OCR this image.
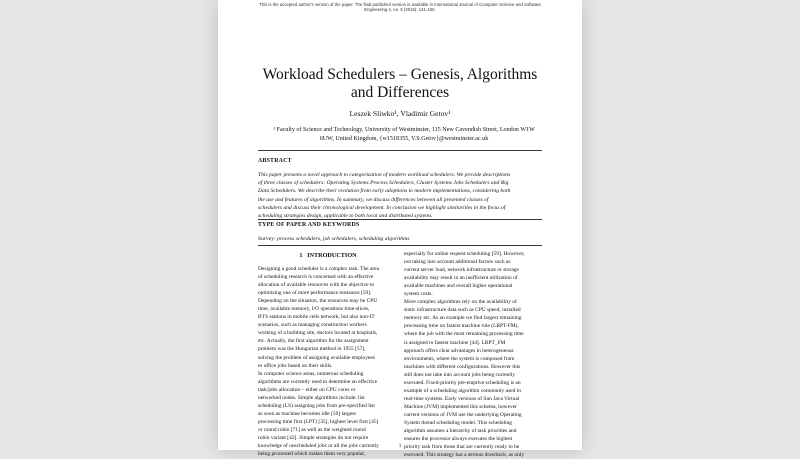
This is the accepted author's version of the paper. The final published version is available in International Journal of Computer Science and Software
Engineering 4, no. 6 (2015): 141-155.
Workload Schedulers – Genesis, Algorithms
and Differences
Leszek Sliwko¹, Vladimir Getov¹
¹ Faculty of Science and Technology, University of Westminster, 115 New Cavendish Street, London W1W
6UW, United Kingdom, {w1518355, V.S.Getov}@westminster.ac.uk
ABSTRACT
This paper presents a novel approach to categorization of modern workload schedulers. We provide descriptions
of three classes of schedulers: Operating Systems Process Schedulers, Cluster Systems Jobs Schedulers and Big
Data Schedulers. We describe their evolution from early adoptions to modern implementations, considering both
the use and features of algorithms. In summary, we discuss differences between all presented classes of
schedulers and discuss their chronological development. In conclusion we highlight similarities in the focus of
scheduling strategies design, applicable to both local and distributed systems.
TYPE OF PAPER AND KEYWORDS
Survey: process schedulers, job schedulers, scheduling algorithms
1 INTRODUCTION
Designing a good scheduler is a complex task. The area
of scheduling research is concerned with an effective
allocation of available resources with the objective to
optimizing one of more performance measures [59].
Depending on the situation, the resources may be CPU
time, available memory, I/O operations time-slices,
BTS stations in mobile cells network, but also non-IT
scenarios, such as managing construction workers
working of a building site, doctors located at hospitals,
etc. Actually, the first algorithm for the assignment
problem was the Hungarian method in 1955 [57],
solving the problem of assigning available employees
to office jobs based on their skills.
In computer science areas, numerous scheduling
algorithms are currently used to determine an effective
task/jobs allocation – either on CPU cores or
networked nodes. Simple algorithms include: list
scheduling (LS) assigning jobs from pre-specified list
as soon as machine becomes idle [59] largest
processing time first (LPT) [35], highest level first [45]
or round robin [71] as well as the weighted round
robin variant [42]. Simple strategies do not require
knowledge of unscheduled jobs or all the jobs currently
being processed which makes them very popular,
especially for online request scheduling [59]. However,
not taking into account additional factors such as
current server load, network infrastructure or storage
availability may result in an inefficient utilization of
available machines and overall higher operational
system costs.
More complex algorithms rely on the availability of
static infrastructure data such as CPU speed, installed
memory etc. As an example we find largest remaining
processing time on fastest machine rule (LRPT-FM),
where the job with the most remaining processing time
is assigned to fastest machine [44]. LRPT_FM
approach offers clear advantages in heterogeneous
environments, where the system is composed from
machines with different configurations. However this
still does not take into account jobs being currently
executed. Fixed-priority pre-emptive scheduling is an
example of a scheduling algorithm commonly used in
real-time systems. Early versions of Sun Java Virtual
Machine (JVM) implemented this schema, however
current versions of JVM use the underlying Operating
System thread scheduling model. This scheduling
algorithm assumes a hierarchy of task priorities and
ensures the processor always executes the highest
priority task from those that are currently ready to be
executed. This strategy has a serious drawback, as only
1
